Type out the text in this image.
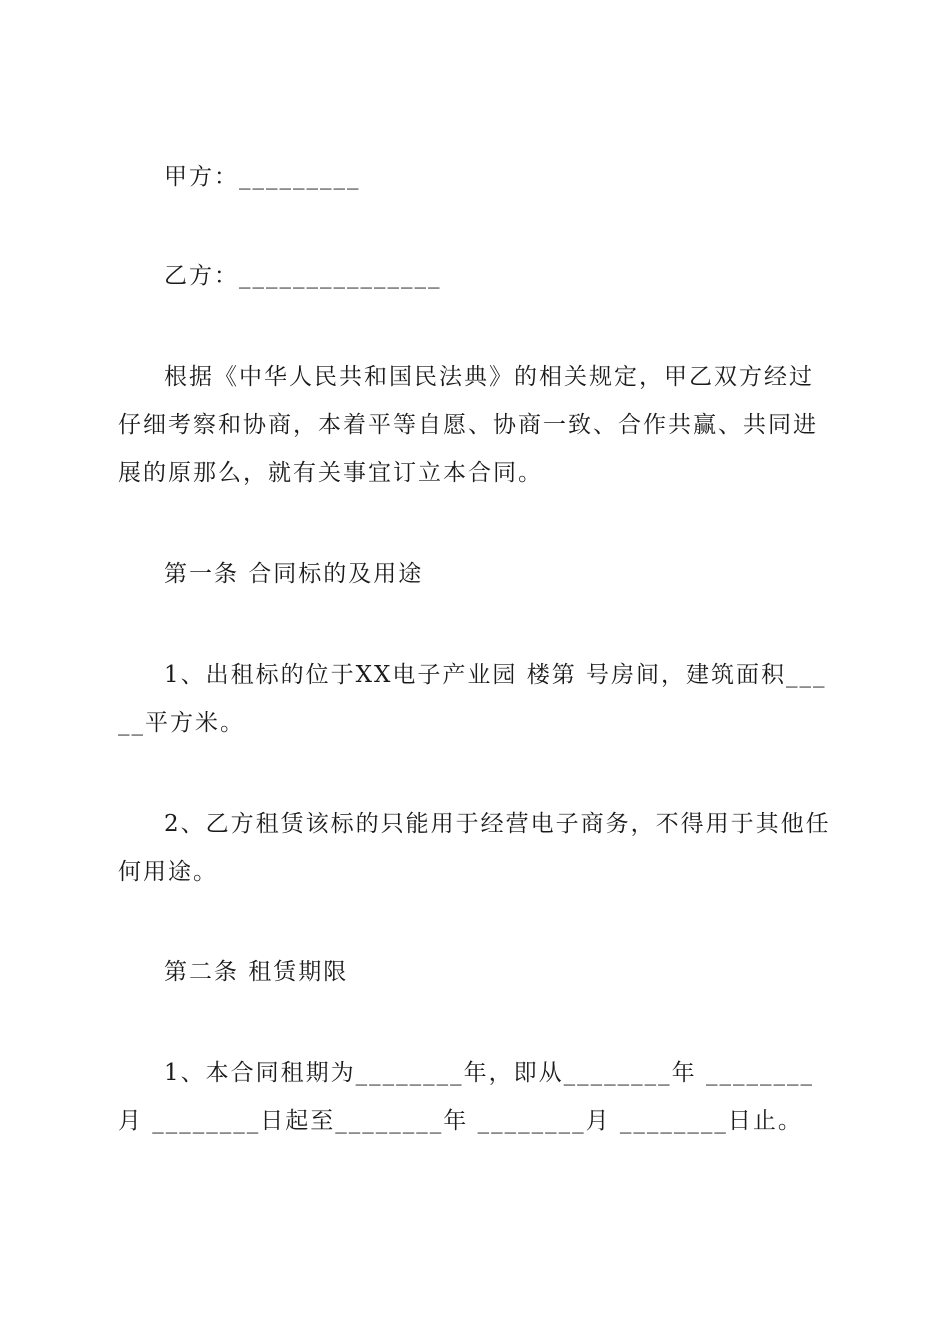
甲方：_________

乙方：_______________

根据《中华人民共和国民法典》的相关规定，甲乙双方经过仔细考察和协商，本着平等自愿、协商一致、合作共赢、共同进展的原那么，就有关事宜订立本合同。

第一条 合同标的及用途

1、出租标的位于XX电子产业园 楼第 号房间，建筑面积_____平方米。

2、乙方租赁该标的只能用于经营电子商务，不得用于其他任何用途。

第二条 租赁期限

1、本合同租期为________年，即从________年 ________月 ________日起至________年 ________月 ________日止。
